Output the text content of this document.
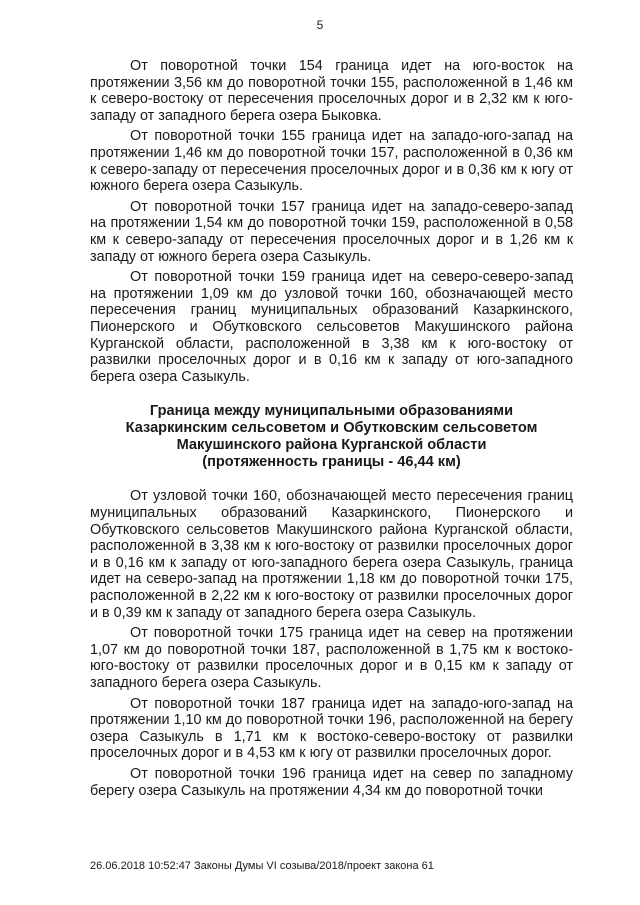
5

От поворотной точки 154 граница идет на юго-восток на протяжении 3,56 км до поворотной точки 155, расположенной в 1,46 км к северо-востоку от пересечения проселочных дорог и в 2,32 км к юго-западу от западного берега озера Быковка.

От поворотной точки 155 граница идет на западо-юго-запад на протяжении 1,46 км до поворотной точки 157, расположенной в 0,36 км к северо-западу от пересечения проселочных дорог и в 0,36 км к югу от южного берега озера Сазыкуль.

От поворотной точки 157 граница идет на западо-северо-запад на протяжении 1,54 км до поворотной точки 159, расположенной в 0,58 км к северо-западу от пересечения проселочных дорог и в 1,26 км к западу от южного берега озера Сазыкуль.

От поворотной точки 159 граница идет на северо-северо-запад на протяжении 1,09 км до узловой точки 160, обозначающей место пересечения границ муниципальных образований Казаркинского, Пионерского и Обутковского сельсоветов Макушинского района Курганской области, расположенной в 3,38 км к юго-востоку от развилки проселочных дорог и в 0,16 км к западу от юго-западного берега озера Сазыкуль.

Граница между муниципальными образованиями
Казаркинским сельсоветом и Обутковским сельсоветом
Макушинского района Курганской области
(протяженность границы - 46,44 км)

От узловой точки 160, обозначающей место пересечения границ муниципальных образований Казаркинского, Пионерского и Обутковского сельсоветов Макушинского района Курганской области, расположенной в 3,38 км к юго-востоку от развилки проселочных дорог и в 0,16 км к западу от юго-западного берега озера Сазыкуль, граница идет на северо-запад на протяжении 1,18 км до поворотной точки 175, расположенной в 2,22 км к юго-востоку от развилки проселочных дорог и в 0,39 км к западу от западного берега озера Сазыкуль.

От поворотной точки 175 граница идет на север на протяжении 1,07 км до поворотной точки 187, расположенной в 1,75 км к востоко-юго-востоку от развилки проселочных дорог и в 0,15 км к западу от западного берега озера Сазыкуль.

От поворотной точки 187 граница идет на западо-юго-запад на протяжении 1,10 км до поворотной точки 196, расположенной на берегу озера Сазыкуль в 1,71 км к востоко-северо-востоку от развилки проселочных дорог и в 4,53 км к югу от развилки проселочных дорог.

От поворотной точки 196 граница идет на север по западному берегу озера Сазыкуль на протяжении 4,34 км до поворотной точки

26.06.2018 10:52:47 Законы Думы VI созыва/2018/проект закона 61
